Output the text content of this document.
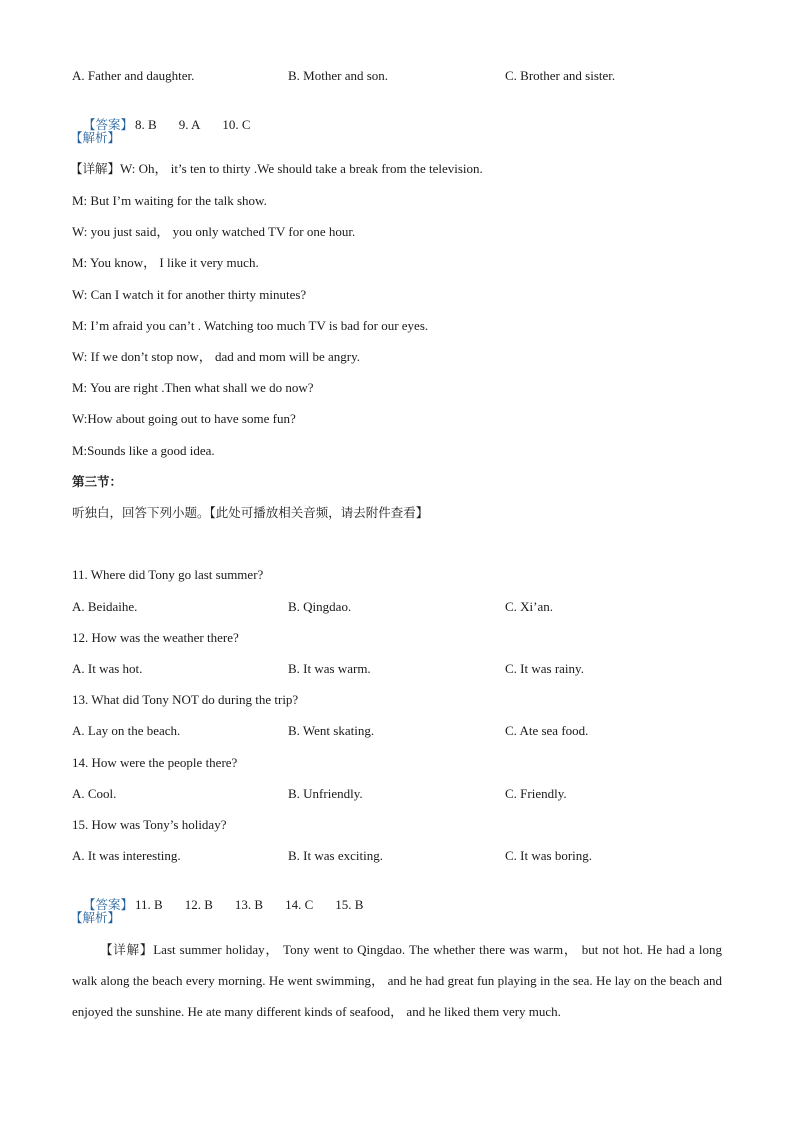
A. Father and daughter.	B. Mother and son.	C. Brother and sister.

【答案】 8. B 9. A 10. C

【解析】
【详解】W: Oh， it’s ten to thirty .We should take a break from the television.
M: But I’m waiting for the talk show.
W: you just said， you only watched TV for one hour.
M: You know， I like it very much.
W: Can I watch it for another thirty minutes?
M: I’m afraid you can’t . Watching too much TV is bad for our eyes.
W: If we don’t stop now， dad and mom will be angry.
M: You are right .Then what shall we do now?
W:How about going out to have some fun?
M:Sounds like a good idea.
第三节：
听独白，回答下列小题。【此处可播放相关音频，请去附件查看】
11. Where did Tony go last summer?
A. Beidaihe.	B. Qingdao.	C. Xi’an.
12. How was the weather there?
A. It was hot.	B. It was warm.	C. It was rainy.
13. What did Tony NOT do during the trip?
A. Lay on the beach.	B. Went skating.	C. Ate sea food.
14. How were the people there?
A. Cool.	B. Unfriendly.	C. Friendly.
15. How was Tony’s holiday?
A. It was interesting.	B. It was exciting.	C. It was boring.

【答案】 11. B 12. B 13. B 14. C 15. B

【解析】
【详解】Last summer holiday， Tony went to Qingdao. The whether there was warm， but not hot. He had a long walk along the beach every morning. He went swimming， and he had great fun playing in the sea. He lay on the beach and enjoyed the sunshine. He ate many different kinds of seafood， and he liked them very much.
